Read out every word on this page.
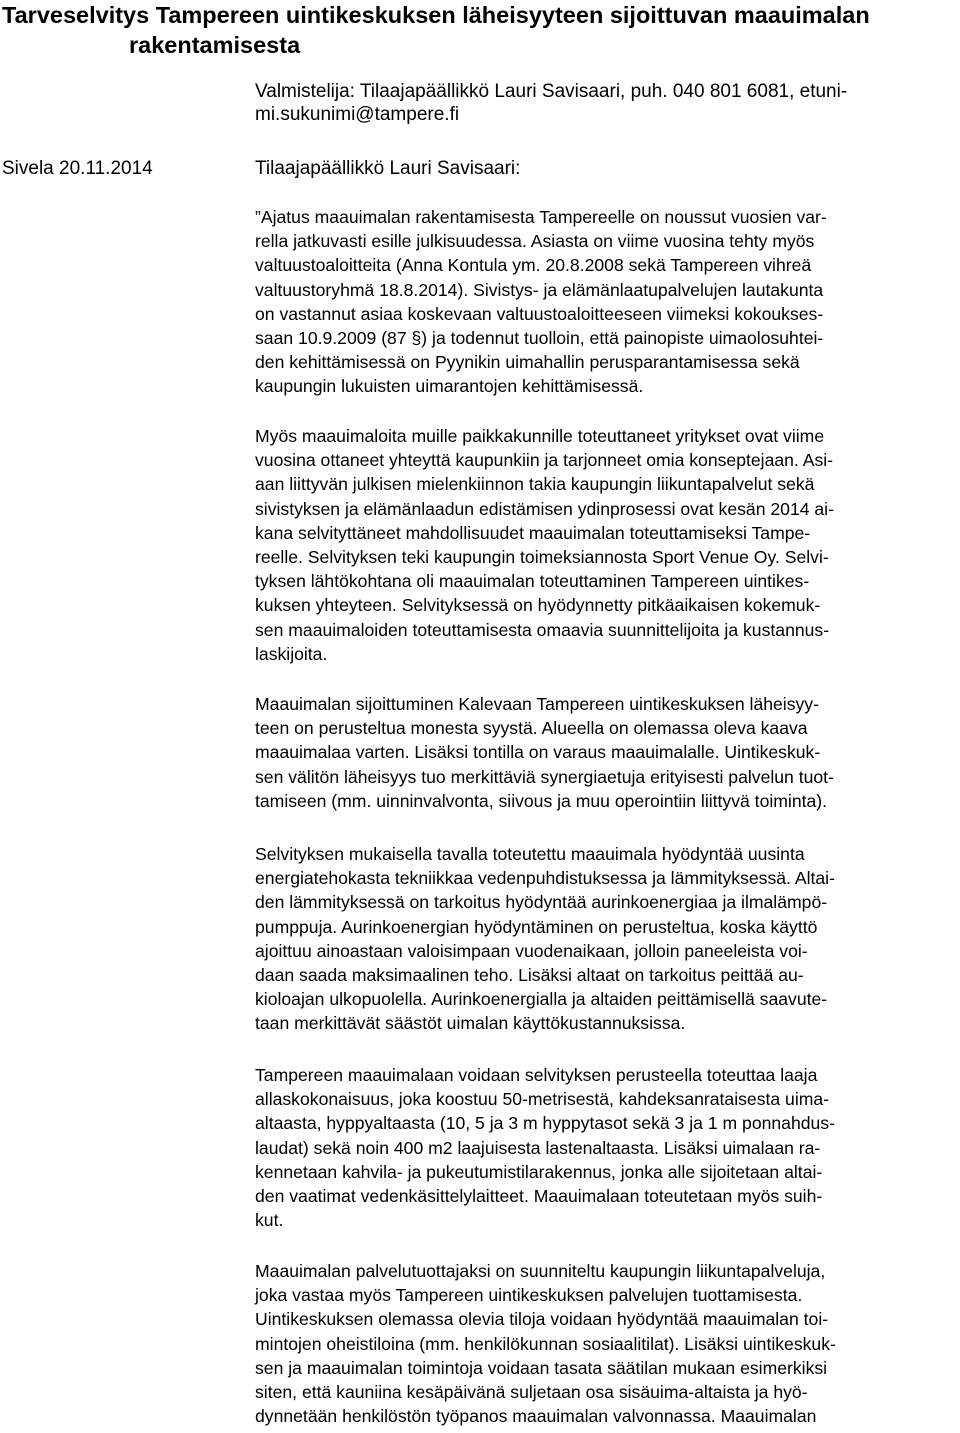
Tarveselvitys Tampereen uintikeskuksen läheisyyteen sijoittuvan maauimalan
rakentamisesta

Valmistelija: Tilaajapäällikkö Lauri Savisaari, puh. 040 801 6081, etuni-
mi.sukunimi@tampere.fi

Sivela 20.11.2014	Tilaajapäällikkö Lauri Savisaari:

”Ajatus maauimalan rakentamisesta Tampereelle on noussut vuosien var-
rella jatkuvasti esille julkisuudessa. Asiasta on viime vuosina tehty myös
valtuustoaloitteita (Anna Kontula ym. 20.8.2008 sekä Tampereen vihreä
valtuustoryhmä 18.8.2014). Sivistys- ja elämänlaatupalvelujen lautakunta
on vastannut asiaa koskevaan valtuustoaloitteeseen viimeksi kokoukses-
saan 10.9.2009 (87 §) ja todennut tuolloin, että painopiste uimaolosuhtei-
den kehittämisessä on Pyynikin uimahallin perusparantamisessa sekä
kaupungin lukuisten uimarantojen kehittämisessä.

Myös maauimaloita muille paikkakunnille toteuttaneet yritykset ovat viime
vuosina ottaneet yhteyttä kaupunkiin ja tarjonneet omia konseptejaan. Asi-
aan liittyvän julkisen mielenkiinnon takia kaupungin liikuntapalvelut sekä
sivistyksen ja elämänlaadun edistämisen ydinprosessi ovat kesän 2014 ai-
kana selvityttäneet mahdollisuudet maauimalan toteuttamiseksi Tampe-
reelle. Selvityksen teki kaupungin toimeksiannosta Sport Venue Oy. Selvi-
tyksen lähtökohtana oli maauimalan toteuttaminen Tampereen uintikes-
kuksen yhteyteen. Selvityksessä on hyödynnetty pitkäaikaisen kokemuk-
sen maauimaloiden toteuttamisesta omaavia suunnittelijoita ja kustannus-
laskijoita.

Maauimalan sijoittuminen Kalevaan Tampereen uintikeskuksen läheisyy-
teen on perusteltua monesta syystä. Alueella on olemassa oleva kaava
maauimalaa varten. Lisäksi tontilla on varaus maauimalalle. Uintikeskuk-
sen välitön läheisyys tuo merkittäviä synergiaetuja erityisesti palvelun tuot-
tamiseen (mm. uinninvalvonta, siivous ja muu operointiin liittyvä toiminta).

Selvityksen mukaisella tavalla toteutettu maauimala hyödyntää uusinta
energiatehokasta tekniikkaa vedenpuhdistuksessa ja lämmityksessä. Altai-
den lämmityksessä on tarkoitus hyödyntää aurinkoenergiaa ja ilmalämpö-
pumppuja. Aurinkoenergian hyödyntäminen on perusteltua, koska käyttö
ajoittuu ainoastaan valoisimpaan vuodenaikaan, jolloin paneeleista voi-
daan saada maksimaalinen teho. Lisäksi altaat on tarkoitus peittää au-
kioloajan ulkopuolella. Aurinkoenergialla ja altaiden peittämisellä saavute-
taan merkittävät säästöt uimalan käyttökustannuksissa.

Tampereen maauimalaan voidaan selvityksen perusteella toteuttaa laaja
allaskokonaisuus, joka koostuu 50-metrisestä, kahdeksanrataisesta uima-
altaasta, hyppyaltaasta (10, 5 ja 3 m hyppytasot sekä 3 ja 1 m ponnahdus-
laudat) sekä noin 400 m2 laajuisesta lastenaltaasta. Lisäksi uimalaan ra-
kennetaan kahvila- ja pukeutumistilarakennus, jonka alle sijoitetaan altai-
den vaatimat vedenkäsittelylaitteet. Maauimalaan toteutetaan myös suih-
kut.

Maauimalan palvelutuottajaksi on suunniteltu kaupungin liikuntapalveluja,
joka vastaa myös Tampereen uintikeskuksen palvelujen tuottamisesta.
Uintikeskuksen olemassa olevia tiloja voidaan hyödyntää maauimalan toi-
mintojen oheistiloina (mm. henkilökunnan sosiaalitilat). Lisäksi uintikeskuk-
sen ja maauimalan toimintoja voidaan tasata säätilan mukaan esimerkiksi
siten, että kauniina kesäpäivänä suljetaan osa sisäuima-altaista ja hyö-
dynnetään henkilöstön työpanos maauimalan valvonnassa. Maauimalan
